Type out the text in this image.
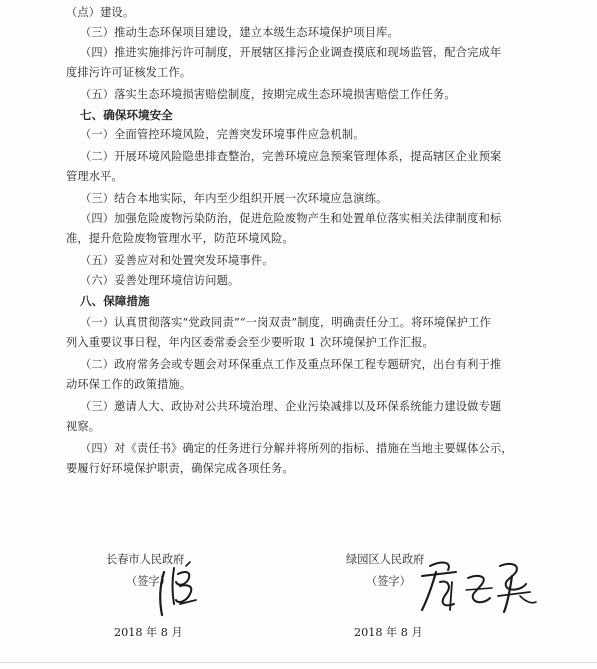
（点）建设。
（三）推动生态环保项目建设，建立本级生态环境保护项目库。
（四）推进实施排污许可制度，开展辖区排污企业调查摸底和现场监管，配合完成年
度排污许可证核发工作。
（五）落实生态环境损害赔偿制度，按期完成生态环境损害赔偿工作任务。
七、确保环境安全
（一）全面管控环境风险，完善突发环境事件应急机制。
（二）开展环境风险隐患排查整治，完善环境应急预案管理体系，提高辖区企业预案
管理水平。
（三）结合本地实际，年内至少组织开展一次环境应急演练。
（四）加强危险废物污染防治，促进危险废物产生和处置单位落实相关法律制度和标
准，提升危险废物管理水平，防范环境风险。
（五）妥善应对和处置突发环境事件。
（六）妥善处理环境信访问题。
八、保障措施
（一）认真贯彻落实“党政同责”“一岗双责”制度，明确责任分工。将环境保护工作
列入重要议事日程，年内区委常委会至少要听取 1 次环境保护工作汇报。
（二）政府常务会或专题会对环保重点工作及重点环保工程专题研究，出台有利于推
动环保工作的政策措施。
（三）邀请人大、政协对公共环境治理、企业污染减排以及环保系统能力建设做专题
视察。
（四）对《责任书》确定的任务进行分解并将所列的指标、措施在当地主要媒体公示，
要履行好环境保护职责，确保完成各项任务。
长春市人民政府
（签字）
2018 年 8 月
绿园区人民政府
（签字）
2018 年 8 月
